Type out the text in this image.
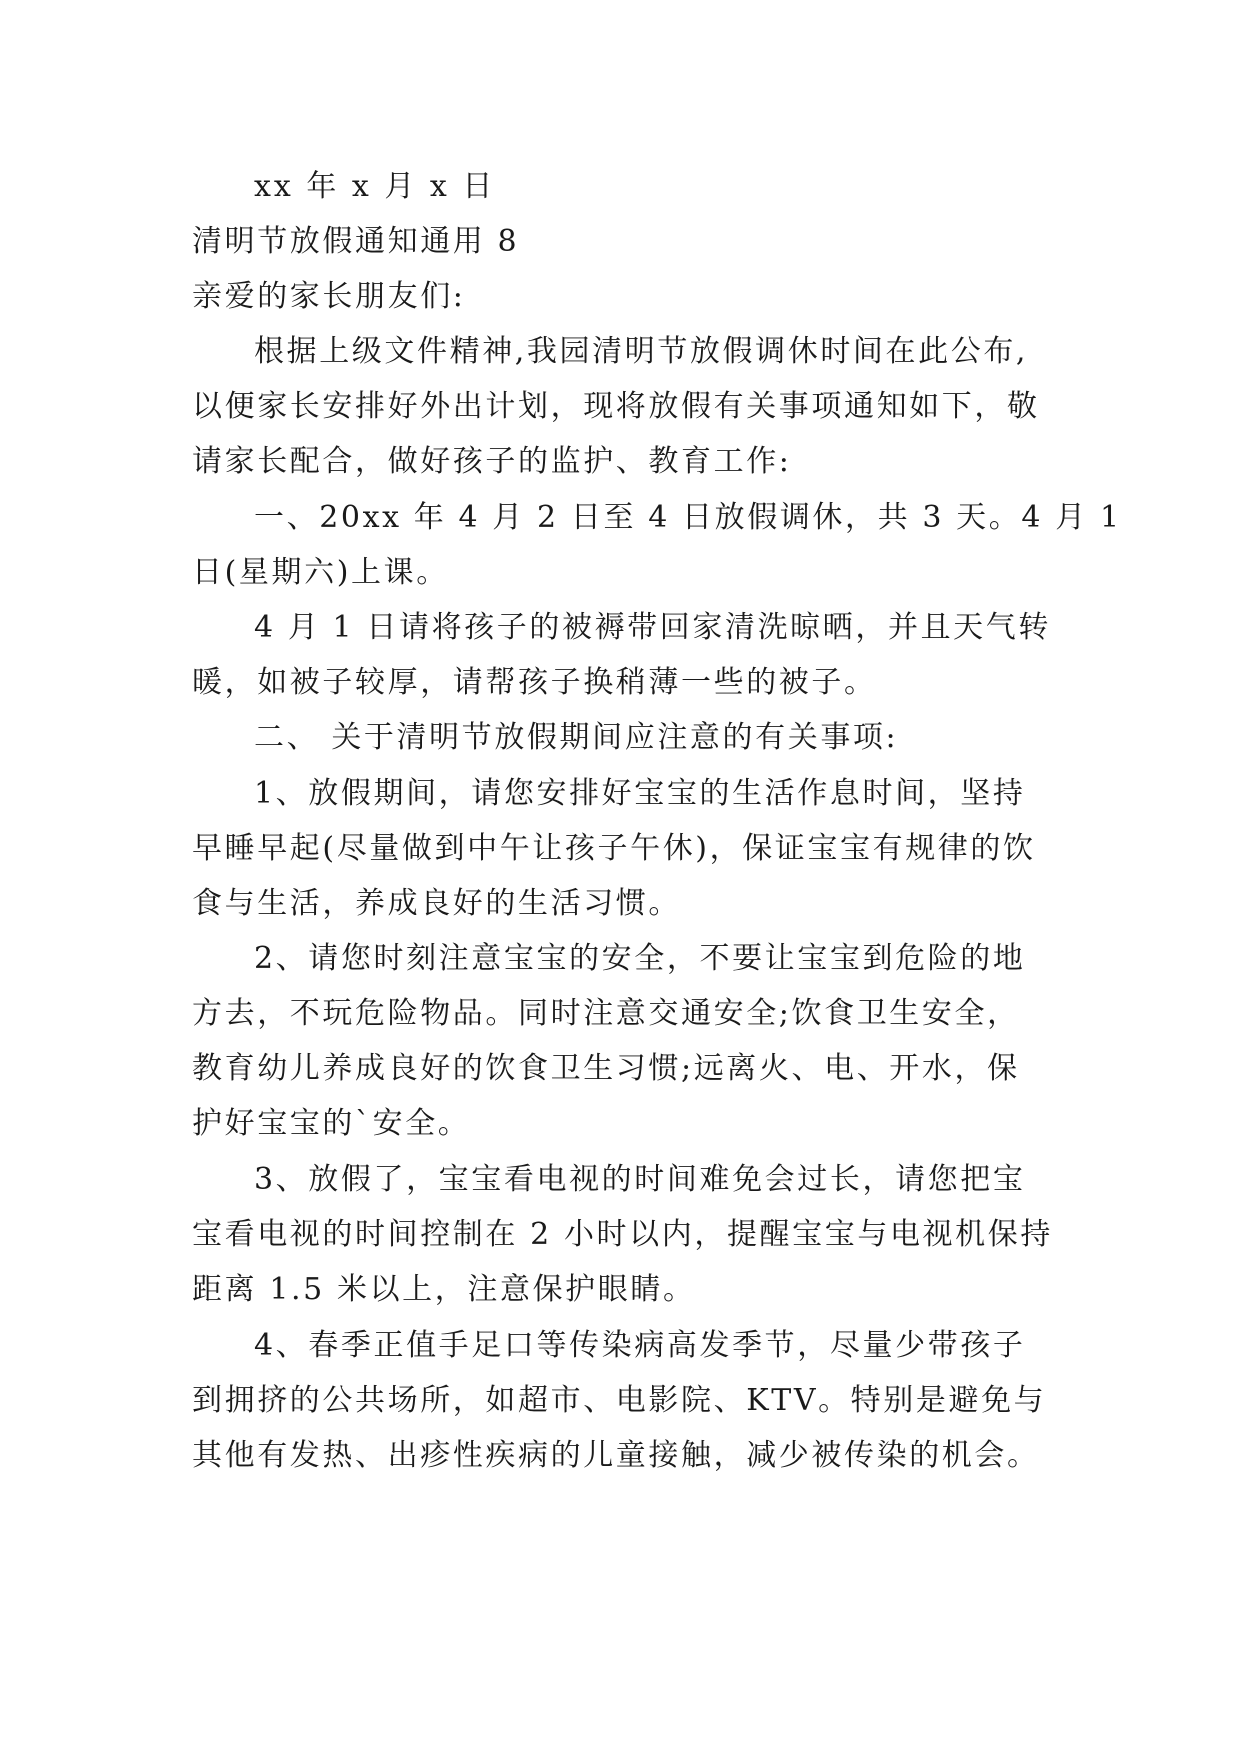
xx 年 x 月 x 日
清明节放假通知通用 8
亲爱的家长朋友们:
根据上级文件精神,我园清明节放假调休时间在此公布,
以便家长安排好外出计划，现将放假有关事项通知如下，敬
请家长配合，做好孩子的监护、教育工作:
一、20xx 年 4 月 2 日至 4 日放假调休，共 3 天。4 月 1
日(星期六)上课。
4 月 1 日请将孩子的被褥带回家清洗晾晒，并且天气转
暖，如被子较厚，请帮孩子换稍薄一些的被子。
二、 关于清明节放假期间应注意的有关事项:
1、放假期间，请您安排好宝宝的生活作息时间，坚持
早睡早起(尽量做到中午让孩子午休)，保证宝宝有规律的饮
食与生活，养成良好的生活习惯。
2、请您时刻注意宝宝的安全，不要让宝宝到危险的地
方去，不玩危险物品。同时注意交通安全;饮食卫生安全，
教育幼儿养成良好的饮食卫生习惯;远离火、电、开水，保
护好宝宝的`安全。
3、放假了，宝宝看电视的时间难免会过长，请您把宝
宝看电视的时间控制在 2 小时以内，提醒宝宝与电视机保持
距离 1.5 米以上，注意保护眼睛。
4、春季正值手足口等传染病高发季节，尽量少带孩子
到拥挤的公共场所，如超市、电影院、KTV。特别是避免与
其他有发热、出疹性疾病的儿童接触，减少被传染的机会。
